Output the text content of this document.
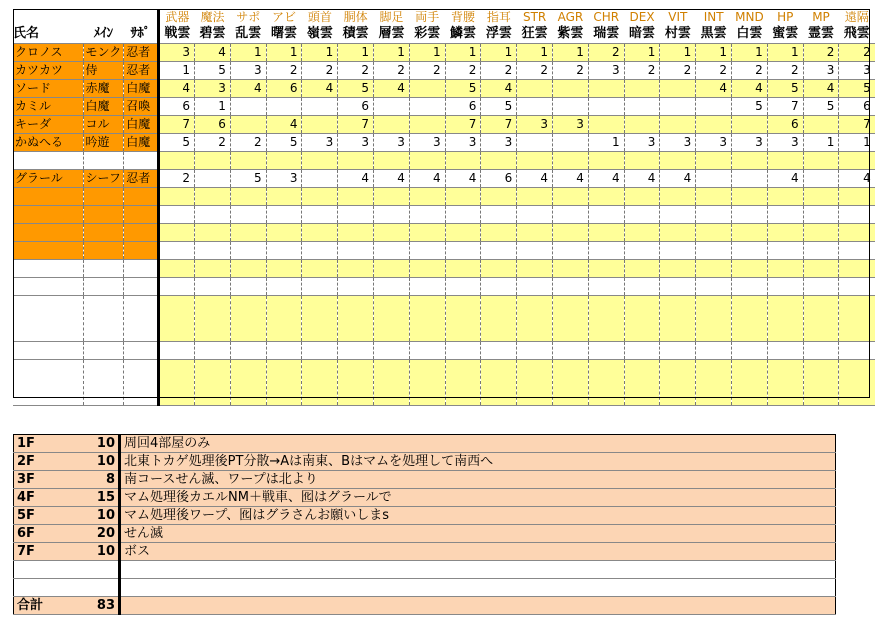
			武器	魔法	サポ	アビ	頭首	胴体	脚足	両手	背腰	指耳	STR	AGR	CHR	DEX	VIT	INT	MND	HP	MP	遠隔
氏名	ﾒｲﾝ	ｻﾎﾟ	戦雲	碧雲	乱雲	曙雲	嶺雲	積雲	層雲	彩雲	鱗雲	浮雲	狂雲	紫雲	瑞雲	暗雲	村雲	黒雲	白雲	蜜雲	霊雲	飛雲
クロノス	モンク	忍者	3	4	1	1	1	1	1	1	1	1	1	1	2	1	1	1	1	1	2	2
カツカツ	侍	忍者	1	5	3	2	2	2	2	2	2	2	2	2	3	2	2	2	2	2	3	3
ソード	赤魔	白魔	4	3	4	6	4	5	4		5	4						4	4	5	4	5
カミル	白魔	召喚	6	1				6			6	5							5	7	5	6
キーダ	コル	白魔	7	6		4		7			7	7	3	3						6		7
かぬへる	吟遊	白魔	5	2	2	5	3	3	3	3	3	3			1	3	3	3	3	3	1	1

グラール	シーフ	忍者	2		5	3		4	4	4	4	6	4	4	4	4	4			4		4

1F	10	周回4部屋のみ
2F	10	北東トカゲ処理後PT分散→Aは南東、Bはマムを処理して南西へ
3F	8	南コースせん滅、ワープは北より
4F	15	マム処理後カエルNM＋戦車、囮はグラールで
5F	10	マム処理後ワープ、囮はグラさんお願いしまs
6F	20	せん滅
7F	10	ボス

合計	83	
